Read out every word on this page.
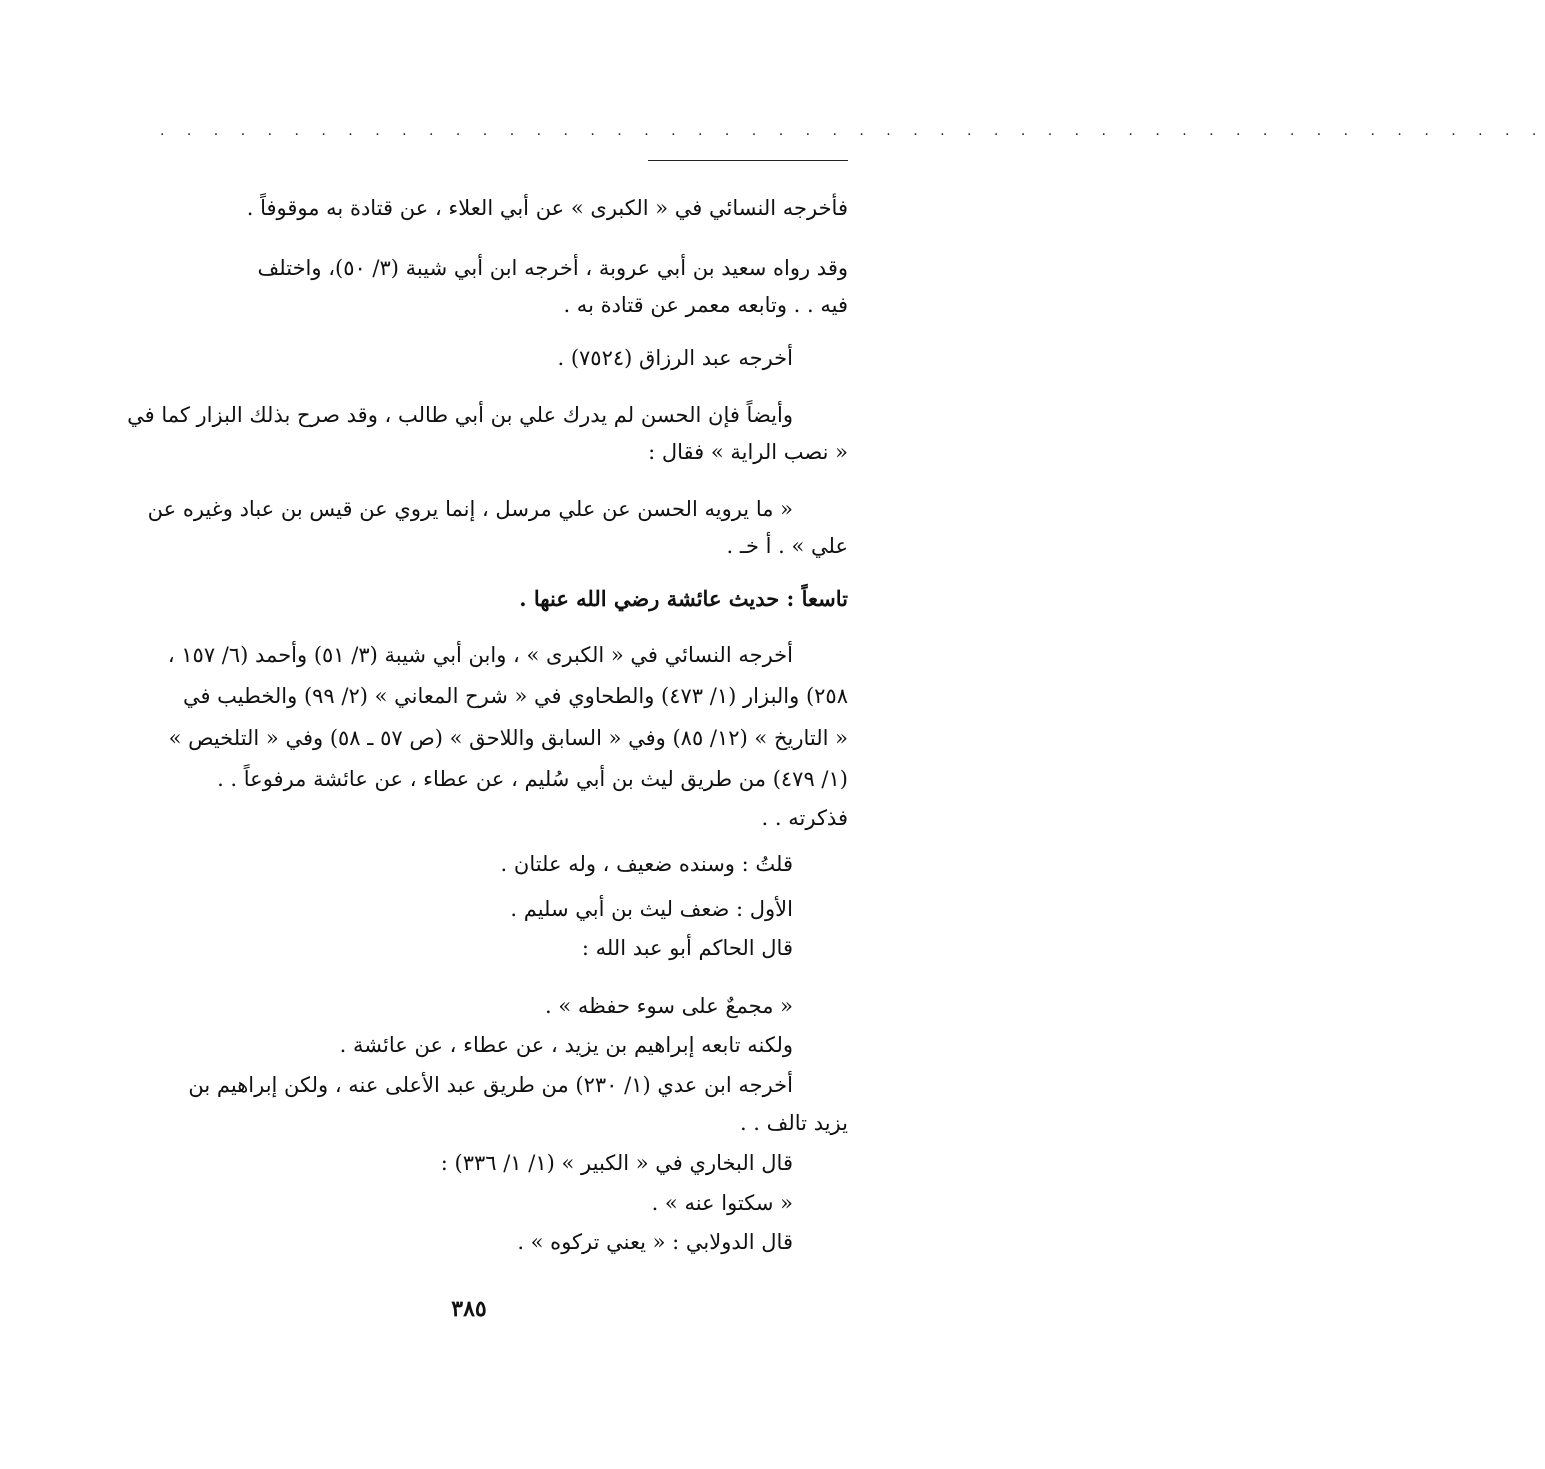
. . . . . . . . . . . . . . . . . . . . . . . . . . . . . . . . . . . . . . . . . . . . . . . . . . . .
فأخرجه النسائي في « الكبرى » عن أبي العلاء ، عن قتادة به موقوفاً .
وقد رواه سعيد بن أبي عروبة ، أخرجه ابن أبي شيبة (٣/ ٥٠)، واختلف
فيه . . وتابعه معمر عن قتادة به .
أخرجه عبد الرزاق (٧٥٢٤) .
وأيضاً فإن الحسن لم يدرك علي بن أبي طالب ، وقد صرح بذلك البزار كما في
« نصب الراية » فقال :
« ما يرويه الحسن عن علي مرسل ، إنما يروي عن قيس بن عباد وغيره عن
علي » . أ خـ .
تاسعاً : حديث عائشة رضي الله عنها .
أخرجه النسائي في « الكبرى » ، وابن أبي شيبة (٣/ ٥١) وأحمد (٦/ ١٥٧ ،
٢٥٨) والبزار (١/ ٤٧٣) والطحاوي في « شرح المعاني » (٢/ ٩٩) والخطيب في
« التاريخ » (١٢/ ٨٥) وفي « السابق واللاحق » (ص ٥٧ ـ ٥٨) وفي « التلخيص »
(١/ ٤٧٩) من طريق ليث بن أبي سُليم ، عن عطاء ، عن عائشة مرفوعاً . .
فذكرته . .
قلتُ : وسنده ضعيف ، وله علتان .
الأول : ضعف ليث بن أبي سليم .
قال الحاكم أبو عبد الله :
« مجمعٌ على سوء حفظه » .
ولكنه تابعه إبراهيم بن يزيد ، عن عطاء ، عن عائشة .
أخرجه ابن عدي (١/ ٢٣٠) من طريق عبد الأعلى عنه ، ولكن إبراهيم بن
يزيد تالف . .
قال البخاري في « الكبير » (١/ ١/ ٣٣٦) :
« سكتوا عنه » .
قال الدولابي : « يعني تركوه » .
٣٨٥
